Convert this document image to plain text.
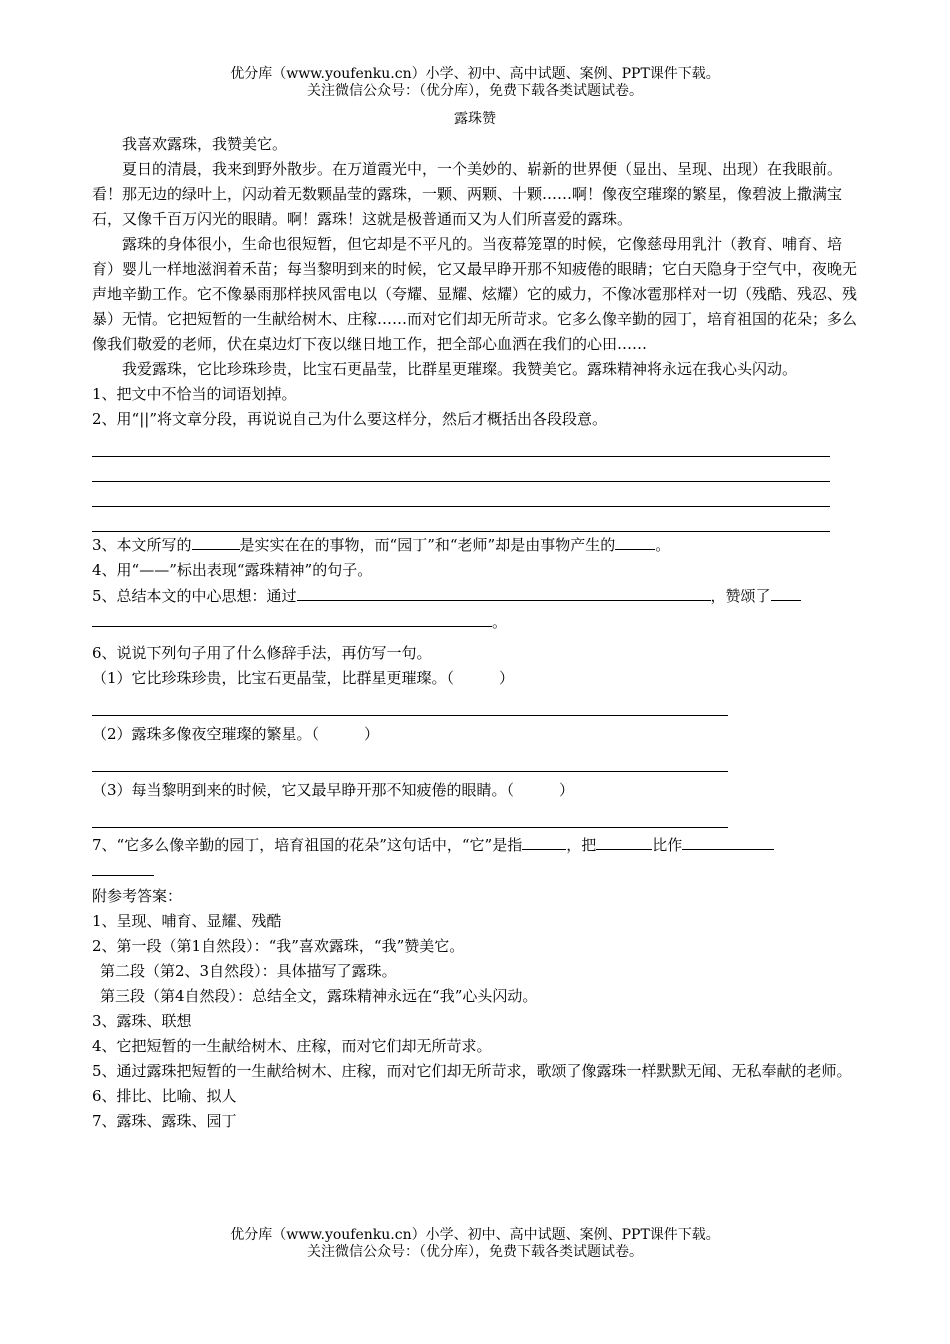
优分库（www.youfenku.cn）小学、初中、高中试题、案例、PPT课件下载。
关注微信公众号：（优分库），免费下载各类试题试卷。
露珠赞

我喜欢露珠，我赞美它。

夏日的清晨，我来到野外散步。在万道霞光中，一个美妙的、崭新的世界便（显出、呈现、出现）在我眼前。看！那无边的绿叶上，闪动着无数颗晶莹的露珠，一颗、两颗、十颗……啊！像夜空璀璨的繁星，像碧波上撒满宝石，又像千百万闪光的眼睛。啊！露珠！这就是极普通而又为人们所喜爱的露珠。

露珠的身体很小，生命也很短暂，但它却是不平凡的。当夜幕笼罩的时候，它像慈母用乳汁（教育、哺育、培育）婴儿一样地滋润着禾苗；每当黎明到来的时候，它又最早睁开那不知疲倦的眼睛；它白天隐身于空气中，夜晚无声地辛勤工作。它不像暴雨那样挟风雷电以（夸耀、显耀、炫耀）它的威力，不像冰雹那样对一切（残酷、残忍、残暴）无情。它把短暂的一生献给树木、庄稼……而对它们却无所苛求。它多么像辛勤的园丁，培育祖国的花朵；多么像我们敬爱的老师，伏在桌边灯下夜以继日地工作，把全部心血洒在我们的心田……

我爱露珠，它比珍珠珍贵，比宝石更晶莹，比群星更璀璨。我赞美它。露珠精神将永远在我心头闪动。

1、把文中不恰当的词语划掉。

2、用“||”将文章分段，再说说自己为什么要这样分，然后才概括出各段段意。

3、本文所写的	是实实在在的事物，而“园丁”和“老师”却是由事物产生的	。

4、用“——”标出表现“露珠精神”的句子。

5、总结本文的中心思想：通过	，赞颂了

。

6、说说下列句子用了什么修辞手法，再仿写一句。

（1）它比珍珠珍贵，比宝石更晶莹，比群星更璀璨。（　　　）

（2）露珠多像夜空璀璨的繁星。（　　　）

（3）每当黎明到来的时候，它又最早睁开那不知疲倦的眼睛。（　　　）

7、“它多么像辛勤的园丁，培育祖国的花朵”这句话中，“它”是指	，把	比作

附参考答案：

1、呈现、哺育、显耀、残酷

2、第一段（第1自然段）：“我”喜欢露珠，“我”赞美它。

第二段（第2、3自然段）：具体描写了露珠。

第三段（第4自然段）：总结全文，露珠精神永远在“我”心头闪动。

3、露珠、联想

4、它把短暂的一生献给树木、庄稼，而对它们却无所苛求。

5、通过露珠把短暂的一生献给树木、庄稼，而对它们却无所苛求，歌颂了像露珠一样默默无闻、无私奉献的老师。

6、排比、比喻、拟人

7、露珠、露珠、园丁

优分库（www.youfenku.cn）小学、初中、高中试题、案例、PPT课件下载。
关注微信公众号：（优分库），免费下载各类试题试卷。
